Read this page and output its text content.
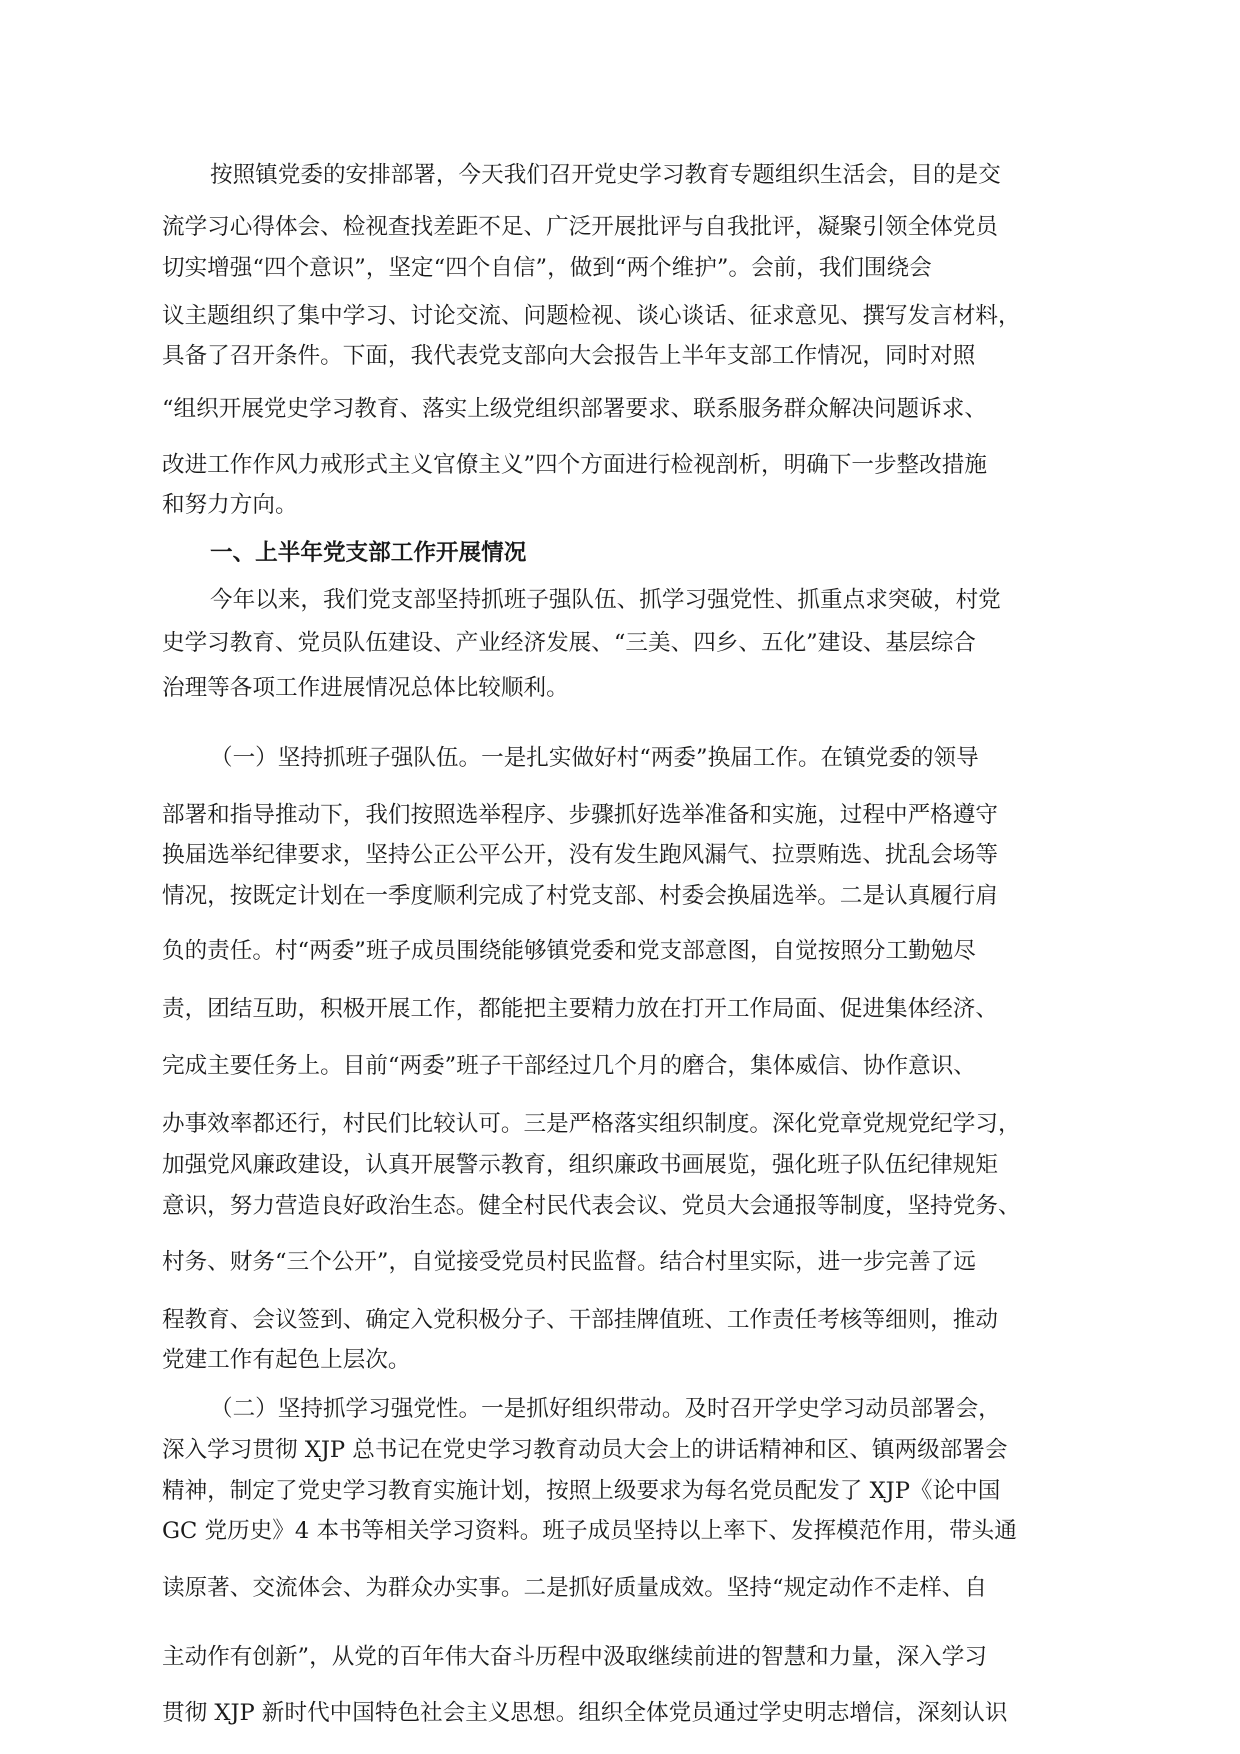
按照镇党委的安排部署，今天我们召开党史学习教育专题组织生活会，目的是交
流学习心得体会、检视查找差距不足、广泛开展批评与自我批评，凝聚引领全体党员
切实增强“四个意识”，坚定“四个自信”，做到“两个维护”。会前，我们围绕会
议主题组织了集中学习、讨论交流、问题检视、谈心谈话、征求意见、撰写发言材料，
具备了召开条件。下面，我代表党支部向大会报告上半年支部工作情况，同时对照
“组织开展党史学习教育、落实上级党组织部署要求、联系服务群众解决问题诉求、
改进工作作风力戒形式主义官僚主义”四个方面进行检视剖析，明确下一步整改措施
和努力方向。
一、上半年党支部工作开展情况
今年以来，我们党支部坚持抓班子强队伍、抓学习强党性、抓重点求突破，村党
史学习教育、党员队伍建设、产业经济发展、“三美、四乡、五化”建设、基层综合
治理等各项工作进展情况总体比较顺利。
（一）坚持抓班子强队伍。一是扎实做好村“两委”换届工作。在镇党委的领导
部署和指导推动下，我们按照选举程序、步骤抓好选举准备和实施，过程中严格遵守
换届选举纪律要求，坚持公正公平公开，没有发生跑风漏气、拉票贿选、扰乱会场等
情况，按既定计划在一季度顺利完成了村党支部、村委会换届选举。二是认真履行肩
负的责任。村“两委”班子成员围绕能够镇党委和党支部意图，自觉按照分工勤勉尽
责，团结互助，积极开展工作，都能把主要精力放在打开工作局面、促进集体经济、
完成主要任务上。目前“两委”班子干部经过几个月的磨合，集体威信、协作意识、
办事效率都还行，村民们比较认可。三是严格落实组织制度。深化党章党规党纪学习，
加强党风廉政建设，认真开展警示教育，组织廉政书画展览，强化班子队伍纪律规矩
意识，努力营造良好政治生态。健全村民代表会议、党员大会通报等制度，坚持党务、
村务、财务“三个公开”，自觉接受党员村民监督。结合村里实际，进一步完善了远
程教育、会议签到、确定入党积极分子、干部挂牌值班、工作责任考核等细则，推动
党建工作有起色上层次。
（二）坚持抓学习强党性。一是抓好组织带动。及时召开学史学习动员部署会，
深入学习贯彻 XJP 总书记在党史学习教育动员大会上的讲话精神和区、镇两级部署会
精神，制定了党史学习教育实施计划，按照上级要求为每名党员配发了 XJP《论中国
GC 党历史》4 本书等相关学习资料。班子成员坚持以上率下、发挥模范作用，带头通
读原著、交流体会、为群众办实事。二是抓好质量成效。坚持“规定动作不走样、自
主动作有创新”，从党的百年伟大奋斗历程中汲取继续前进的智慧和力量，深入学习
贯彻 XJP 新时代中国特色社会主义思想。组织全体党员通过学史明志增信，深刻认识
